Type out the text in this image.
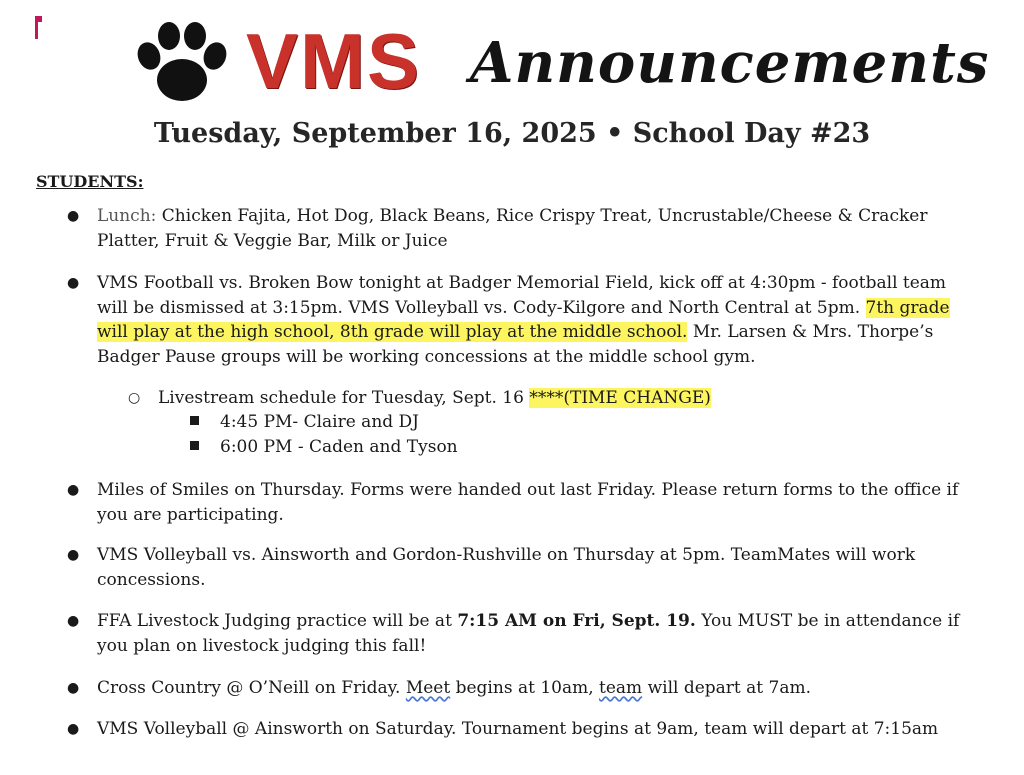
VMS Announcements
Tuesday, September 16, 2025 • School Day #23
STUDENTS:
● Lunch: Chicken Fajita, Hot Dog, Black Beans, Rice Crispy Treat, Uncrustable/Cheese & Cracker Platter, Fruit & Veggie Bar, Milk or Juice
● VMS Football vs. Broken Bow tonight at Badger Memorial Field, kick off at 4:30pm - football team will be dismissed at 3:15pm. VMS Volleyball vs. Cody-Kilgore and North Central at 5pm. 7th grade will play at the high school, 8th grade will play at the middle school. Mr. Larsen & Mrs. Thorpe’s Badger Pause groups will be working concessions at the middle school gym.
○ Livestream schedule for Tuesday, Sept. 16 ****(TIME CHANGE)
4:45 PM- Claire and DJ
6:00 PM - Caden and Tyson
● Miles of Smiles on Thursday. Forms were handed out last Friday. Please return forms to the office if you are participating.
● VMS Volleyball vs. Ainsworth and Gordon-Rushville on Thursday at 5pm. TeamMates will work concessions.
● FFA Livestock Judging practice will be at 7:15 AM on Fri, Sept. 19. You MUST be in attendance if you plan on livestock judging this fall!
● Cross Country @ O’Neill on Friday. Meet begins at 10am, team will depart at 7am.
● VMS Volleyball @ Ainsworth on Saturday. Tournament begins at 9am, team will depart at 7:15am
